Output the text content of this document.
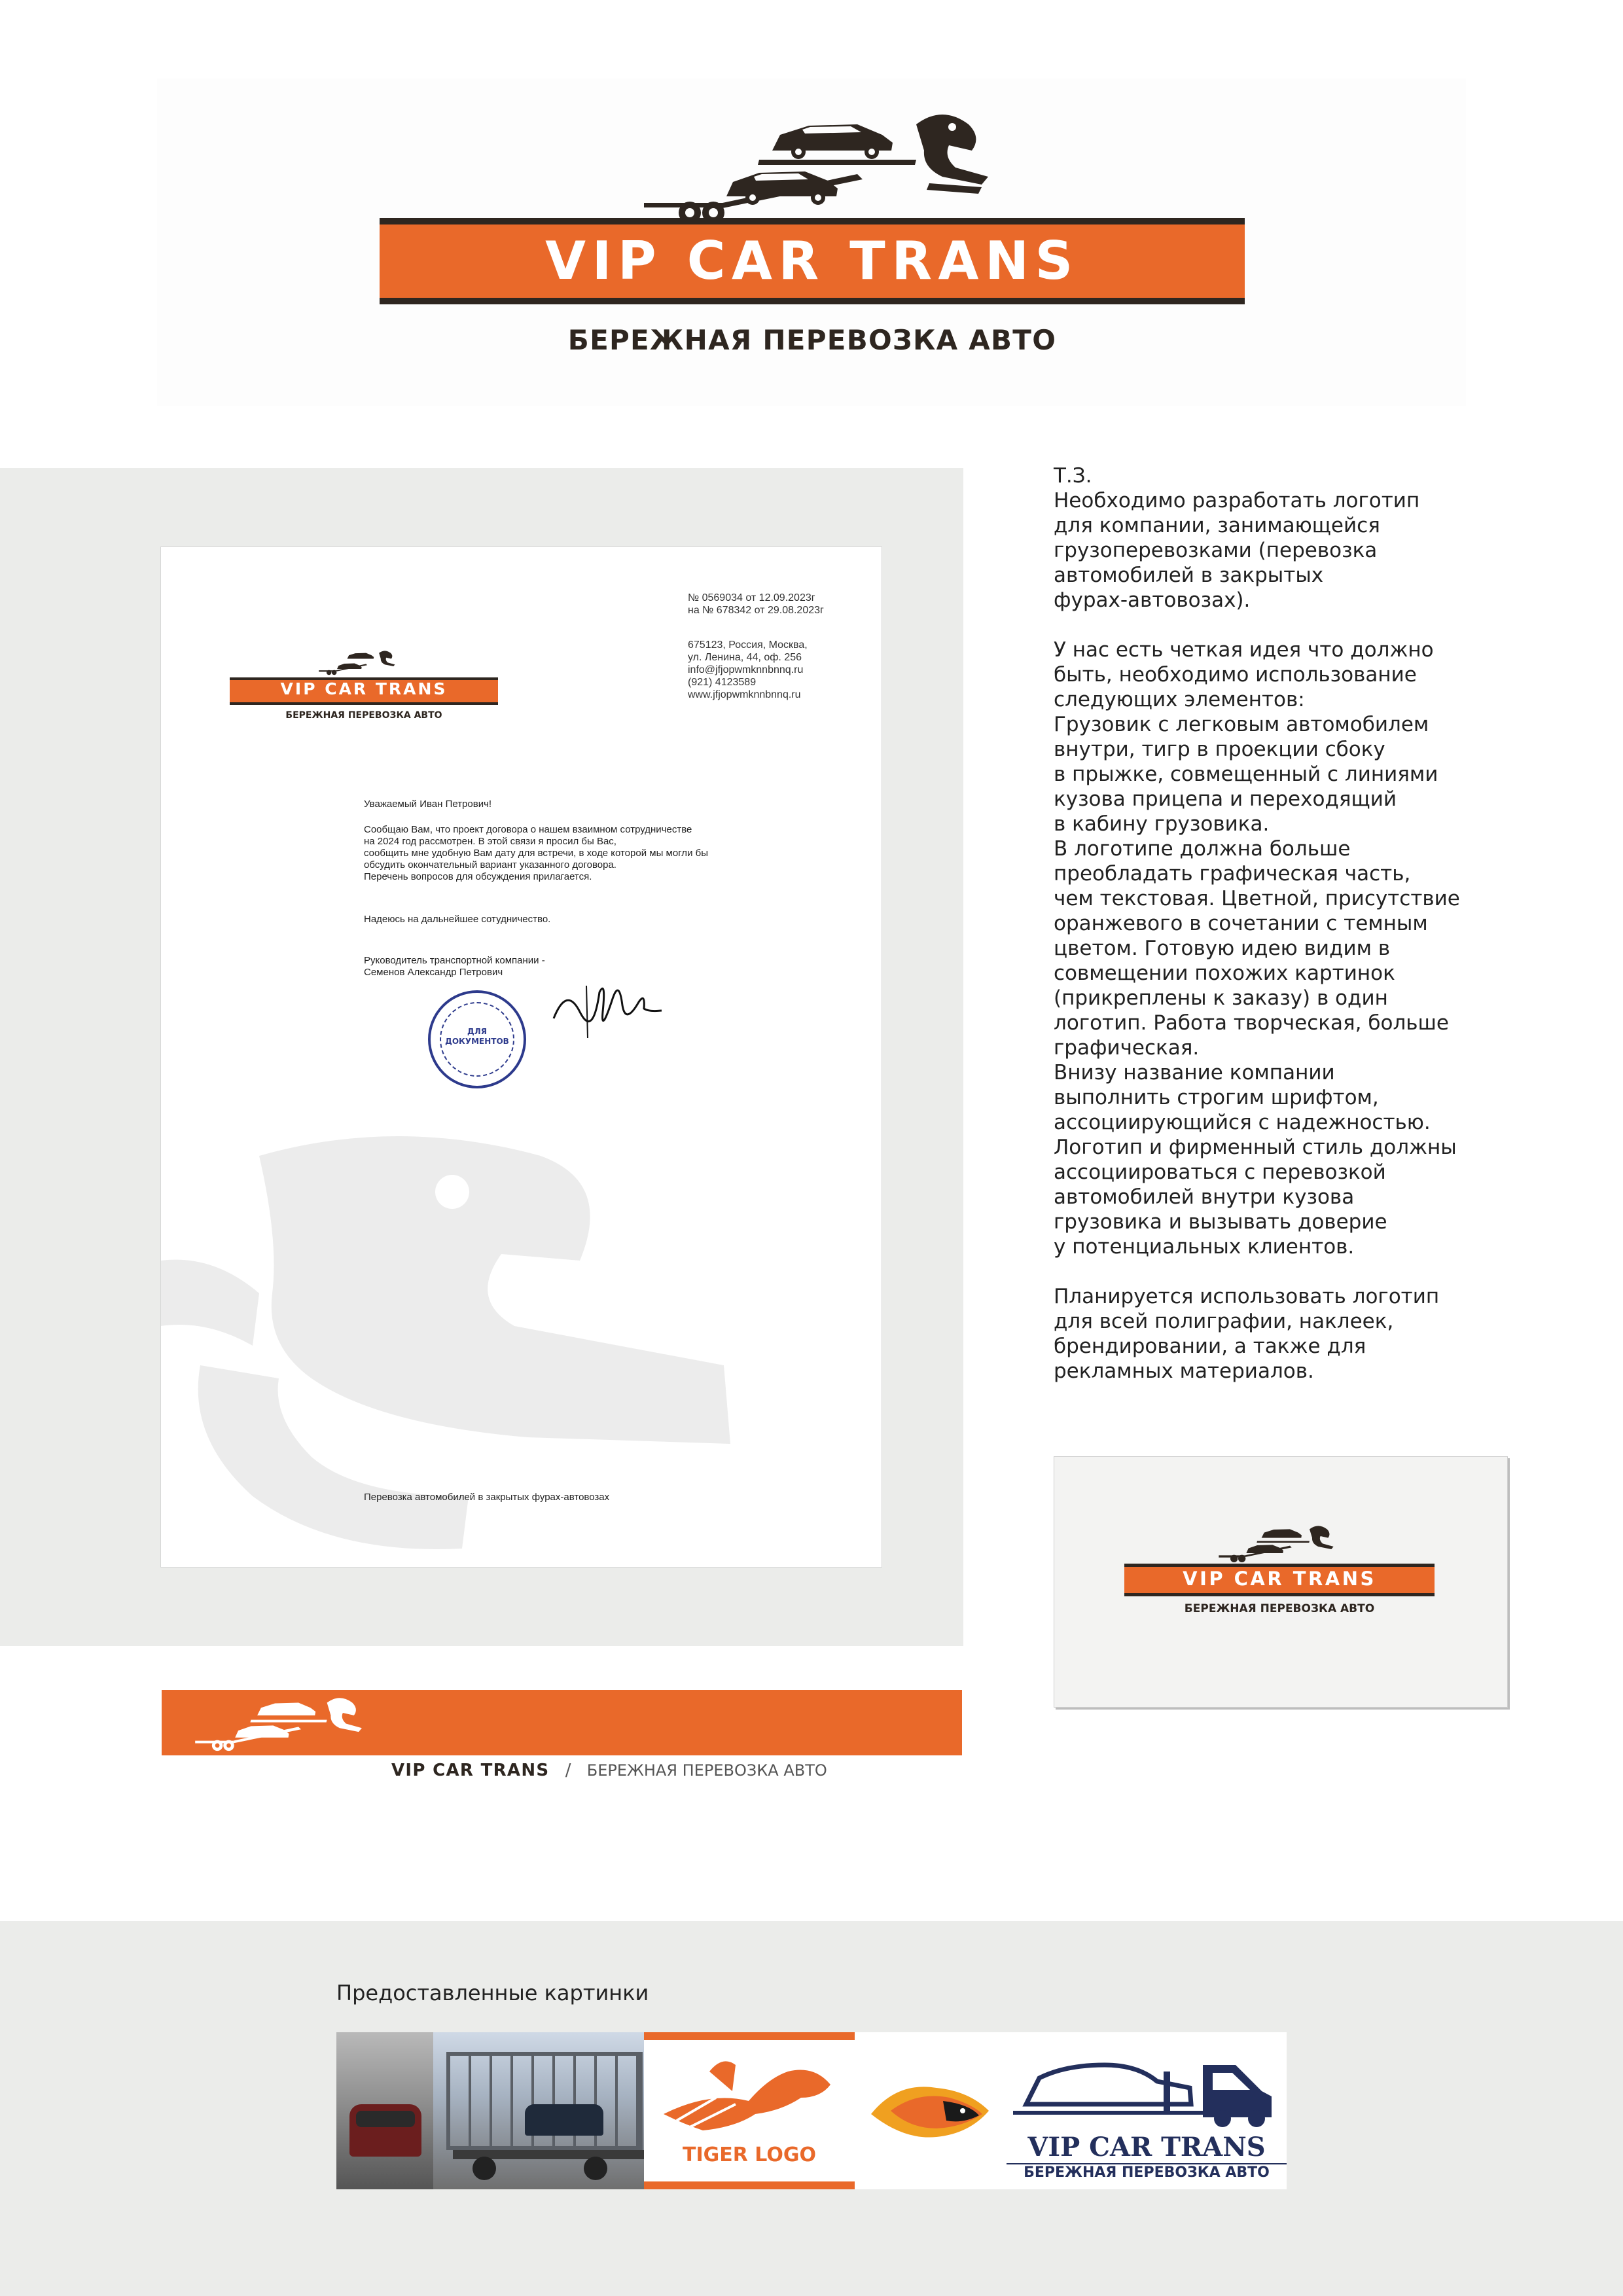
VIP CAR TRANS
БЕРЕЖНАЯ ПЕРЕВОЗКА АВТО
VIP CAR TRANS
БЕРЕЖНАЯ ПЕРЕВОЗКА АВТО
№ 0569034 от 12.09.2023г
на № 678342 от 29.08.2023г
675123, Россия, Москва,
ул. Ленина, 44, оф. 256
info@jfjopwmknnbnnq.ru
(921) 4123589
www.jfjopwmknnbnnq.ru
Уважаемый Иван Петрович!
Сообщаю Вам, что проект договора о нашем взаимном сотрудничестве
на 2024 год рассмотрен. В этой связи я просил бы Вас,
сообщить мне удобную Вам дату для встречи, в ходе которой мы могли бы
обсудить окончательный вариант указанного договора.
Перечень вопросов для обсуждения прилагается.
Надеюсь на дальнейшее сотудничество.
Руководитель транспортной компании -
Семенов Александр Петрович
ДЛЯ
ДОКУМЕНТОВ
Перевозка автомобилей в закрытых фурах-автовозах
VIP CAR TRANS / БЕРЕЖНАЯ ПЕРЕВОЗКА АВТО
Т.З.
Необходимо разработать логотип
для компании, занимающейся
грузоперевозками (перевозка
автомобилей в закрытых
фурах-автовозах).

У нас есть четкая идея что должно
быть, необходимо использование
следующих элементов:
Грузовик с легковым автомобилем
внутри, тигр в проекции сбоку
в прыжке, совмещенный с линиями
кузова прицепа и переходящий
в кабину грузовика.
В логотипе должна больше
преобладать графическая часть,
чем текстовая. Цветной, присутствие
оранжевого в сочетании с темным
цветом. Готовую идею видим в
совмещении похожих картинок
(прикреплены к заказу) в один
логотип. Работа творческая, больше
графическая.
Внизу название компании
выполнить строгим шрифтом,
ассоциирующийся с надежностью.
Логотип и фирменный стиль должны
ассоциироваться с перевозкой
автомобилей внутри кузова
грузовика и вызывать доверие
у потенциальных клиентов.

Планируется использовать логотип
для всей полиграфии, наклеек,
брендировании, а также для
рекламных материалов.
VIP CAR TRANS
БЕРЕЖНАЯ ПЕРЕВОЗКА АВТО
Предоставленные картинки
TIGER LOGO	VIP CAR TRANS
БЕРЕЖНАЯ ПЕРЕВОЗКА АВТО
